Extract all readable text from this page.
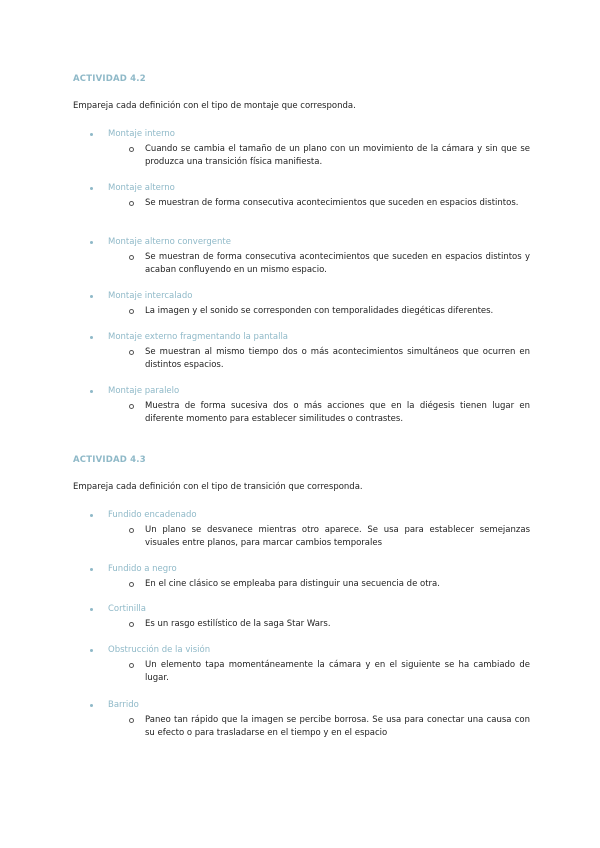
ACTIVIDAD 4.2
Empareja cada definición con el tipo de montaje que corresponda.
Montaje interno
Cuando se cambia el tamaño de un plano con un movimiento de la cámara y sin que se produzca una transición física manifiesta.
Montaje alterno
Se muestran de forma consecutiva acontecimientos que suceden en espacios distintos.
Montaje alterno convergente
Se muestran de forma consecutiva acontecimientos que suceden en espacios distintos y acaban confluyendo en un mismo espacio.
Montaje intercalado
La imagen y el sonido se corresponden con temporalidades diegéticas diferentes.
Montaje externo fragmentando la pantalla
Se muestran al mismo tiempo dos o más acontecimientos simultáneos que ocurren en distintos espacios.
Montaje paralelo
Muestra de forma sucesiva dos o más acciones que en la diégesis tienen lugar en diferente momento para establecer similitudes o contrastes.
ACTIVIDAD 4.3
Empareja cada definición con el tipo de transición que corresponda.
Fundido encadenado
Un plano se desvanece mientras otro aparece. Se usa para establecer semejanzas visuales entre planos, para marcar cambios temporales
Fundido a negro
En el cine clásico se empleaba para distinguir una secuencia de otra.
Cortinilla
Es un rasgo estilístico de la saga Star Wars.
Obstrucción de la visión
Un elemento tapa momentáneamente la cámara y en el siguiente se ha cambiado de lugar.
Barrido
Paneo tan rápido que la imagen se percibe borrosa. Se usa para conectar una causa con su efecto o para trasladarse en el tiempo y en el espacio
